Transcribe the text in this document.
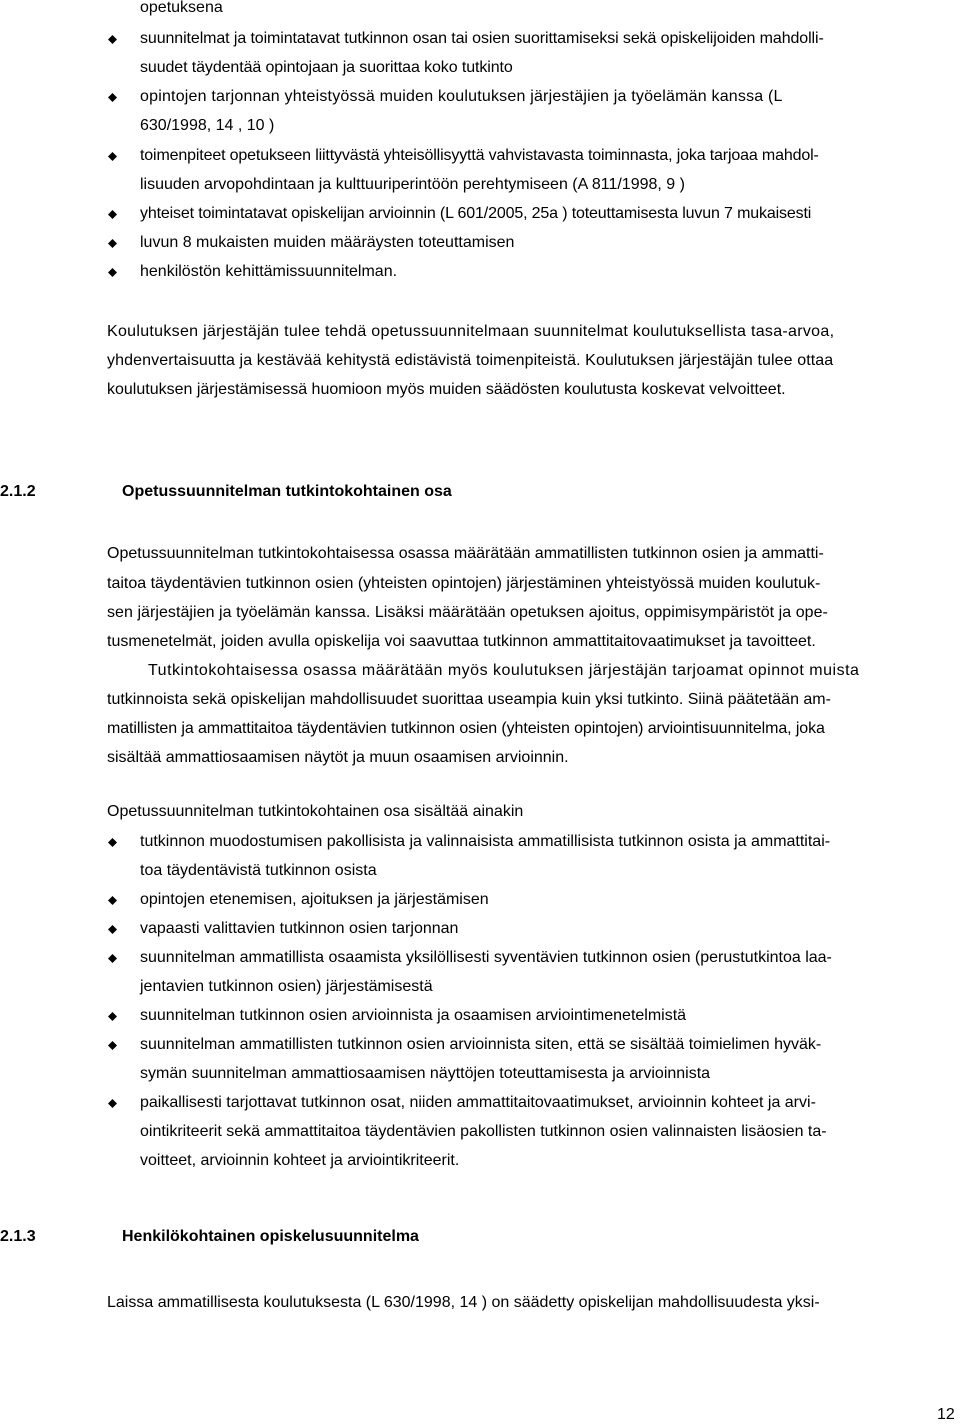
opetuksena
suunnitelmat ja toimintatavat tutkinnon osan tai osien suorittamiseksi sekä opiskelijoiden mahdolli-
suudet täydentää opintojaan ja suorittaa koko tutkinto
opintojen tarjonnan yhteistyössä muiden koulutuksen järjestäjien ja työelämän kanssa (L
630/1998, 14 , 10 )
toimenpiteet opetukseen liittyvästä yhteisöllisyyttä vahvistavasta toiminnasta, joka tarjoaa mahdol-
lisuuden arvopohdintaan ja kulttuuriperintöön perehtymiseen (A 811/1998, 9 )
yhteiset toimintatavat opiskelijan arvioinnin (L 601/2005, 25a ) toteuttamisesta luvun 7 mukaisesti
luvun 8 mukaisten muiden määräysten toteuttamisen
henkilöstön kehittämissuunnitelman.
Koulutuksen järjestäjän tulee tehdä opetussuunnitelmaan suunnitelmat koulutuksellista tasa-arvoa,
yhdenvertaisuutta ja kestävää kehitystä edistävistä toimenpiteistä. Koulutuksen järjestäjän tulee ottaa
koulutuksen järjestämisessä huomioon myös muiden säädösten koulutusta koskevat velvoitteet.
2.1.2	Opetussuunnitelman tutkintokohtainen osa
Opetussuunnitelman tutkintokohtaisessa osassa määrätään ammatillisten tutkinnon osien ja ammatti-
taitoa täydentävien tutkinnon osien (yhteisten opintojen) järjestäminen yhteistyössä muiden koulutuk-
sen järjestäjien ja työelämän kanssa. Lisäksi määrätään opetuksen ajoitus, oppimisympäristöt ja ope-
tusmenetelmät, joiden avulla opiskelija voi saavuttaa tutkinnon ammattitaitovaatimukset ja tavoitteet.
Tutkintokohtaisessa osassa määrätään myös koulutuksen järjestäjän tarjoamat opinnot muista
tutkinnoista sekä opiskelijan mahdollisuudet suorittaa useampia kuin yksi tutkinto. Siinä päätetään am-
matillisten ja ammattitaitoa täydentävien tutkinnon osien (yhteisten opintojen) arviointisuunnitelma, joka
sisältää ammattiosaamisen näytöt ja muun osaamisen arvioinnin.
Opetussuunnitelman tutkintokohtainen osa sisältää ainakin
tutkinnon muodostumisen pakollisista ja valinnaisista ammatillisista tutkinnon osista ja ammattitai-
toa täydentävistä tutkinnon osista
opintojen etenemisen, ajoituksen ja järjestämisen
vapaasti valittavien tutkinnon osien tarjonnan
suunnitelman ammatillista osaamista yksilöllisesti syventävien tutkinnon osien (perustutkintoa laa-
jentavien tutkinnon osien) järjestämisestä
suunnitelman tutkinnon osien arvioinnista ja osaamisen arviointimenetelmistä
suunnitelman ammatillisten tutkinnon osien arvioinnista siten, että se sisältää toimielimen hyväk-
symän suunnitelman ammattiosaamisen näyttöjen toteuttamisesta ja arvioinnista
paikallisesti tarjottavat tutkinnon osat, niiden ammattitaitovaatimukset, arvioinnin kohteet ja arvi-
ointikriteerit sekä ammattitaitoa täydentävien pakollisten tutkinnon osien valinnaisten lisäosien ta-
voitteet, arvioinnin kohteet ja arviointikriteerit.
2.1.3	Henkilökohtainen opiskelusuunnitelma
Laissa ammatillisesta koulutuksesta (L 630/1998, 14 ) on säädetty opiskelijan mahdollisuudesta yksi-
12
